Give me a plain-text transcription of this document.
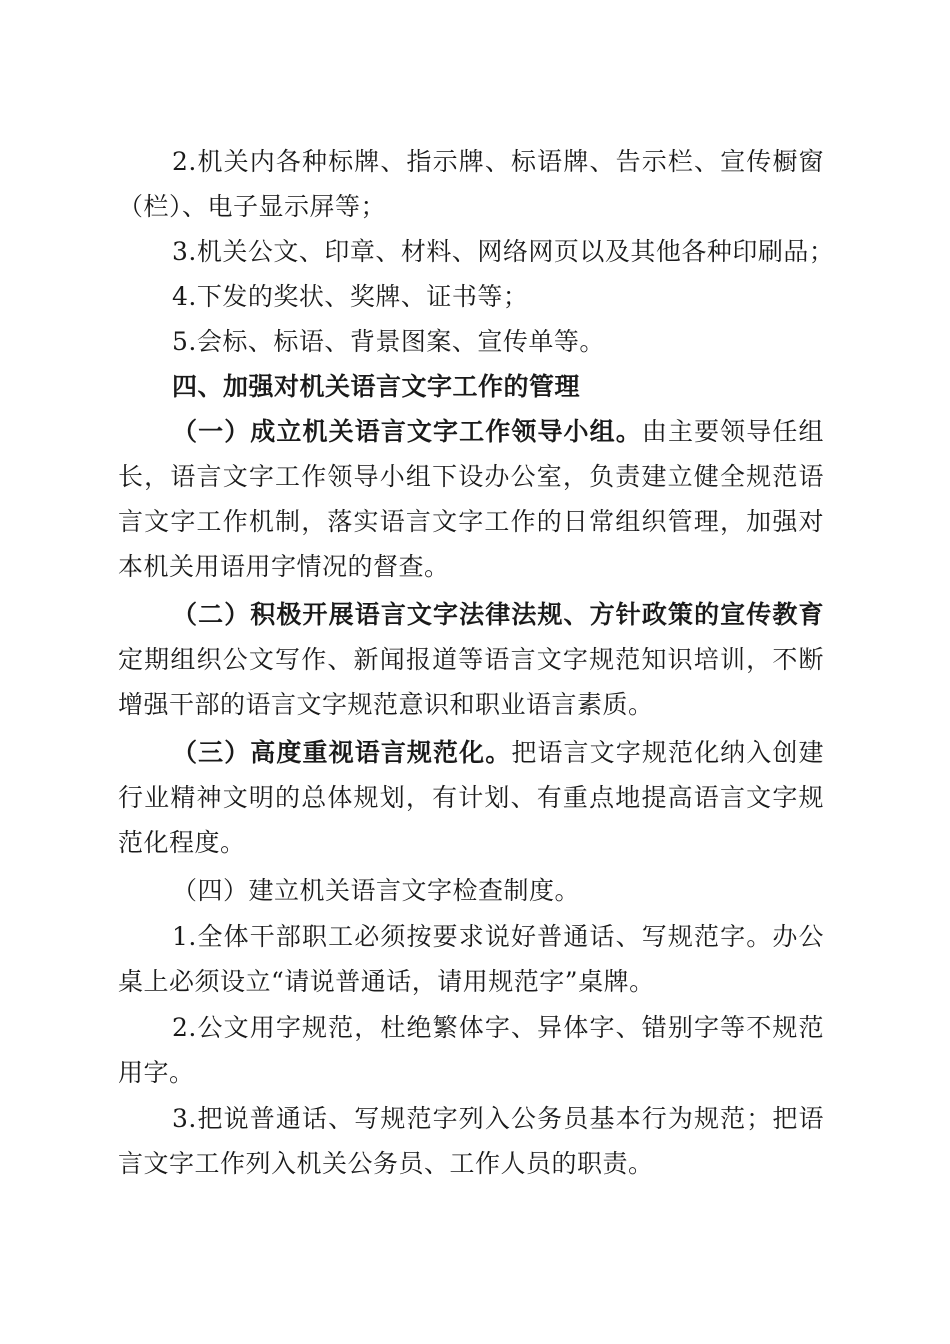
2.机关内各种标牌、指示牌、标语牌、告示栏、宣传橱窗
（栏）、电子显示屏等；
3.机关公文、印章、材料、网络网页以及其他各种印刷品；
4.下发的奖状、奖牌、证书等；
5.会标、标语、背景图案、宣传单等。
四、加强对机关语言文字工作的管理
（一）成立机关语言文字工作领导小组。由主要领导任组
长，语言文字工作领导小组下设办公室，负责建立健全规范语
言文字工作机制，落实语言文字工作的日常组织管理，加强对
本机关用语用字情况的督查。
（二）积极开展语言文字法律法规、方针政策的宣传教育
定期组织公文写作、新闻报道等语言文字规范知识培训，不断
增强干部的语言文字规范意识和职业语言素质。
（三）高度重视语言规范化。把语言文字规范化纳入创建
行业精神文明的总体规划，有计划、有重点地提高语言文字规
范化程度。
（四）建立机关语言文字检查制度。
1.全体干部职工必须按要求说好普通话、写规范字。办公
桌上必须设立“请说普通话，请用规范字”桌牌。
2.公文用字规范，杜绝繁体字、异体字、错别字等不规范
用字。
3.把说普通话、写规范字列入公务员基本行为规范；把语
言文字工作列入机关公务员、工作人员的职责。
